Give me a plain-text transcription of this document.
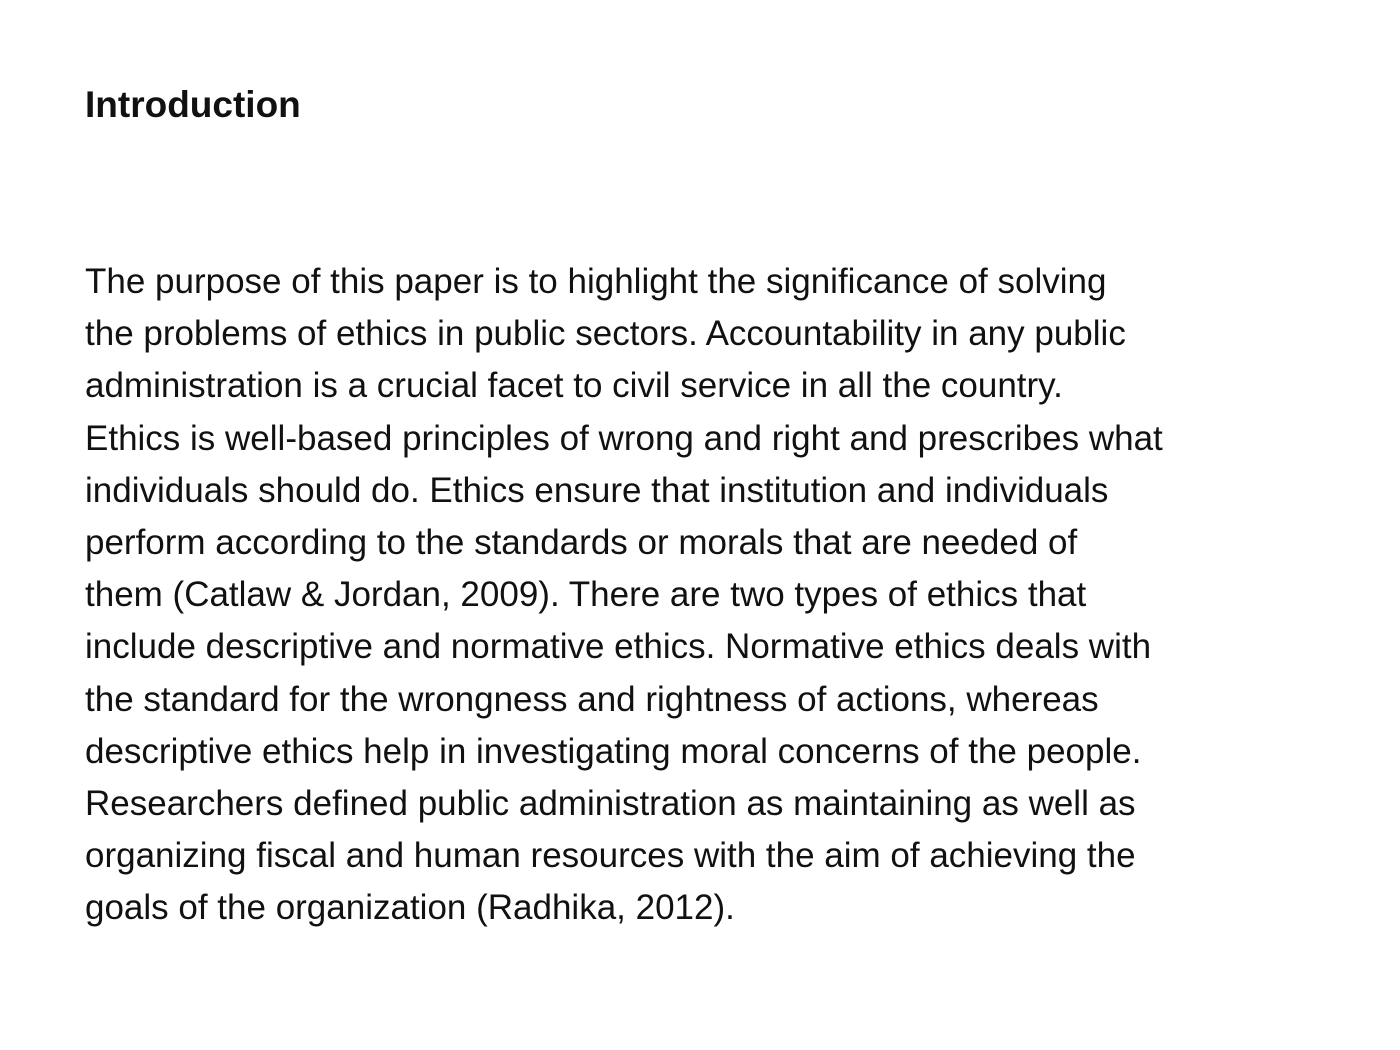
Introduction

The purpose of this paper is to highlight the significance of solving
the problems of ethics in public sectors. Accountability in any public
administration is a crucial facet to civil service in all the country.
Ethics is well-based principles of wrong and right and prescribes what
individuals should do. Ethics ensure that institution and individuals
perform according to the standards or morals that are needed of
them (Catlaw & Jordan, 2009). There are two types of ethics that
include descriptive and normative ethics. Normative ethics deals with
the standard for the wrongness and rightness of actions, whereas
descriptive ethics help in investigating moral concerns of the people.
Researchers defined public administration as maintaining as well as
organizing fiscal and human resources with the aim of achieving the
goals of the organization (Radhika, 2012).
